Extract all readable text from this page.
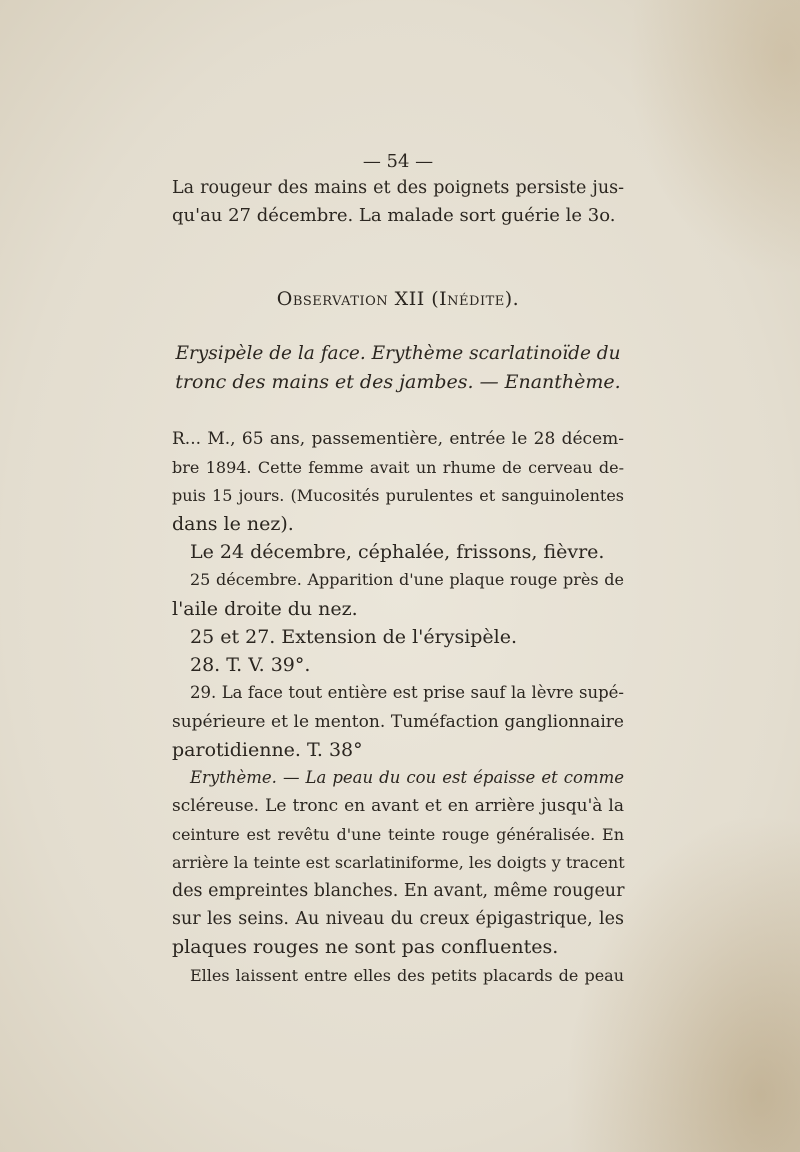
— 54 —
La rougeur des mains et des poignets persiste jus-
qu'au 27 décembre. La malade sort guérie le 3o.
Observation XII (Inédite).
Erysipèle de la face. Erythème scarlatinoïde du
tronc des mains et des jambes. — Enanthème.
R... M., 65 ans, passementière, entrée le 28 décem-
bre 1894. Cette femme avait un rhume de cerveau de-
puis 15 jours. (Mucosités purulentes et sanguinolentes
dans le nez).
Le 24 décembre, céphalée, frissons, fièvre.
25 décembre. Apparition d'une plaque rouge près de
l'aile droite du nez.
25 et 27. Extension de l'érysipèle.
28. T. V. 39°.
29. La face tout entière est prise sauf la lèvre supé-
supérieure et le menton. Tuméfaction ganglionnaire
parotidienne. T. 38°
Erythème. — La peau du cou est épaisse et comme
scléreuse. Le tronc en avant et en arrière jusqu'à la
ceinture est revêtu d'une teinte rouge généralisée. En
arrière la teinte est scarlatiniforme, les doigts y tracent
des empreintes blanches. En avant, même rougeur
sur les seins. Au niveau du creux épigastrique, les
plaques rouges ne sont pas confluentes.
Elles laissent entre elles des petits placards de peau
